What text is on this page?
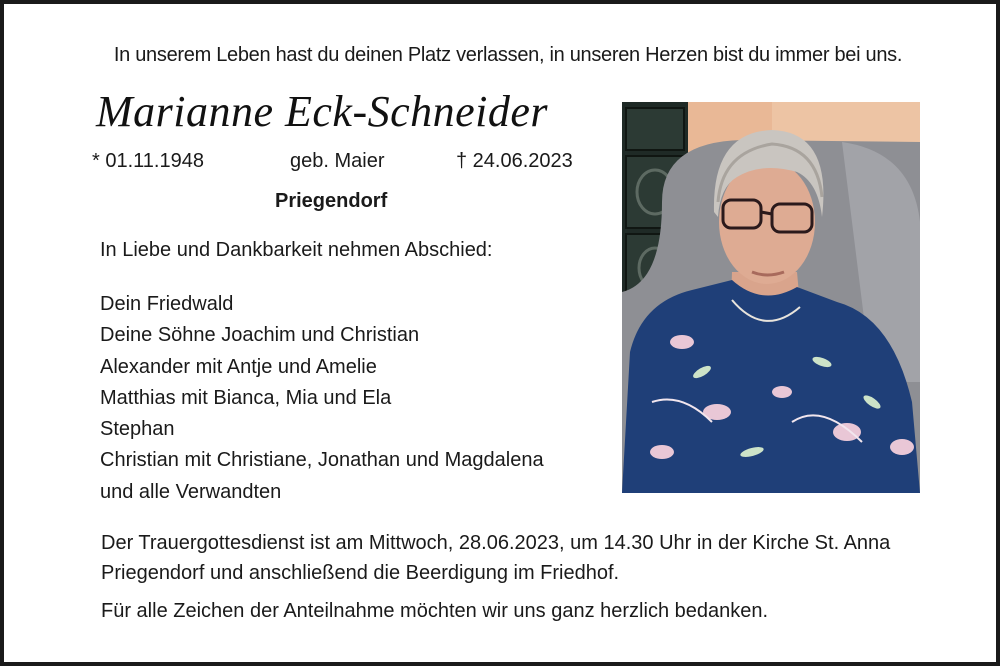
In unserem Leben hast du deinen Platz verlassen, in unseren Herzen bist du immer bei uns.
Marianne Eck-Schneider
* 01.11.1948	geb. Maier	† 24.06.2023
Priegendorf
In Liebe und Dankbarkeit nehmen Abschied:
Dein Friedwald
Deine Söhne Joachim und Christian
Alexander mit Antje und Amelie
Matthias mit Bianca, Mia und Ela
Stephan
Christian mit Christiane, Jonathan und Magdalena
und alle Verwandten
Der Trauergottesdienst ist am Mittwoch, 28.06.2023, um 14.30 Uhr in der Kirche St. Anna
Priegendorf und anschließend die Beerdigung im Friedhof.
Für alle Zeichen der Anteilnahme möchten wir uns ganz herzlich bedanken.
